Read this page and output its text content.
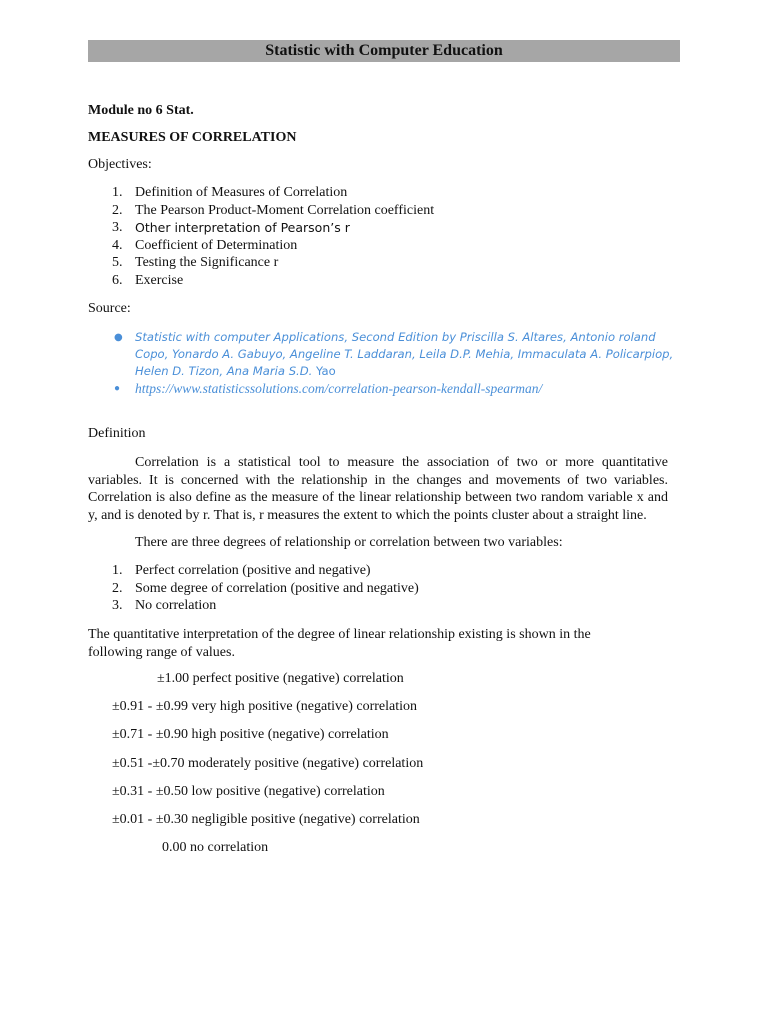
Statistic with Computer Education
Module no 6 Stat.
MEASURES OF CORRELATION
Objectives:
1. Definition of Measures of Correlation
2. The Pearson Product-Moment Correlation coefficient
3.	Other interpretation of Pearson’s r
4. Coefficient of Determination
5. Testing the Significance r
6. Exercise
Source:
● Statistic with computer Applications, Second Edition by Priscilla S. Altares, Antonio roland Copo, Yonardo A. Gabuyo, Angeline T. Laddaran, Leila D.P. Mehia, Immaculata A. Policarpiop, Helen D. Tizon, Ana Maria S.D. Yao
● https://www.statisticssolutions.com/correlation-pearson-kendall-spearman/
Definition
Correlation is a statistical tool to measure the association of two or more quantitative variables. It is concerned with the relationship in the changes and movements of two variables. Correlation is also define as the measure of the linear relationship between two random variable x and y, and is denoted by r. That is, r measures the extent to which the points cluster about a straight line.
There are three degrees of relationship or correlation between two variables:
1. Perfect correlation (positive and negative)
2. Some degree of correlation (positive and negative)
3. No correlation
The quantitative interpretation of the degree of linear relationship existing is shown in the following range of values.
±1.00 perfect positive (negative) correlation
±0.91 - ±0.99 very high positive (negative) correlation
±0.71 - ±0.90 high positive (negative) correlation
±0.51 -±0.70 moderately positive (negative) correlation
±0.31 - ±0.50 low positive (negative) correlation
±0.01 - ±0.30 negligible positive (negative) correlation
0.00 no correlation
